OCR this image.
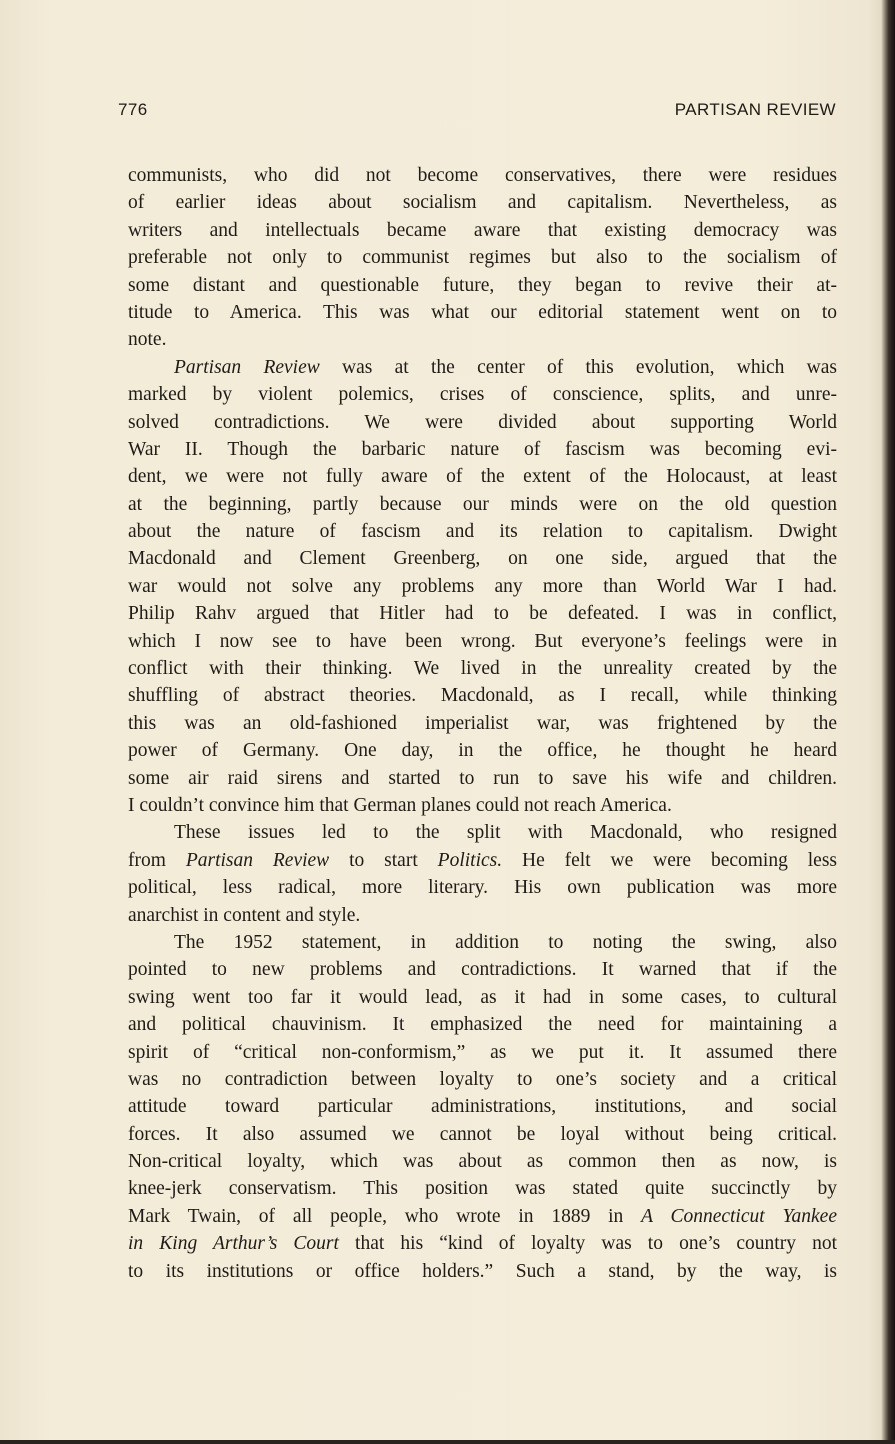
776	PARTISAN REVIEW
communists, who did not become conservatives, there were residues
of earlier ideas about socialism and capitalism. Nevertheless, as
writers and intellectuals became aware that existing democracy was
preferable not only to communist regimes but also to the socialism of
some distant and questionable future, they began to revive their at-
titude to America. This was what our editorial statement went on to
note.
Partisan Review was at the center of this evolution, which was
marked by violent polemics, crises of conscience, splits, and unre-
solved contradictions. We were divided about supporting World
War II. Though the barbaric nature of fascism was becoming evi-
dent, we were not fully aware of the extent of the Holocaust, at least
at the beginning, partly because our minds were on the old question
about the nature of fascism and its relation to capitalism. Dwight
Macdonald and Clement Greenberg, on one side, argued that the
war would not solve any problems any more than World War I had.
Philip Rahv argued that Hitler had to be defeated. I was in conflict,
which I now see to have been wrong. But everyone’s feelings were in
conflict with their thinking. We lived in the unreality created by the
shuffling of abstract theories. Macdonald, as I recall, while thinking
this was an old-fashioned imperialist war, was frightened by the
power of Germany. One day, in the office, he thought he heard
some air raid sirens and started to run to save his wife and children.
I couldn’t convince him that German planes could not reach America.
These issues led to the split with Macdonald, who resigned
from Partisan Review to start Politics. He felt we were becoming less
political, less radical, more literary. His own publication was more
anarchist in content and style.
The 1952 statement, in addition to noting the swing, also
pointed to new problems and contradictions. It warned that if the
swing went too far it would lead, as it had in some cases, to cultural
and political chauvinism. It emphasized the need for maintaining a
spirit of “critical non-conformism,” as we put it. It assumed there
was no contradiction between loyalty to one’s society and a critical
attitude toward particular administrations, institutions, and social
forces. It also assumed we cannot be loyal without being critical.
Non-critical loyalty, which was about as common then as now, is
knee-jerk conservatism. This position was stated quite succinctly by
Mark Twain, of all people, who wrote in 1889 in A Connecticut Yankee
in King Arthur’s Court that his “kind of loyalty was to one’s country not
to its institutions or office holders.” Such a stand, by the way, is
